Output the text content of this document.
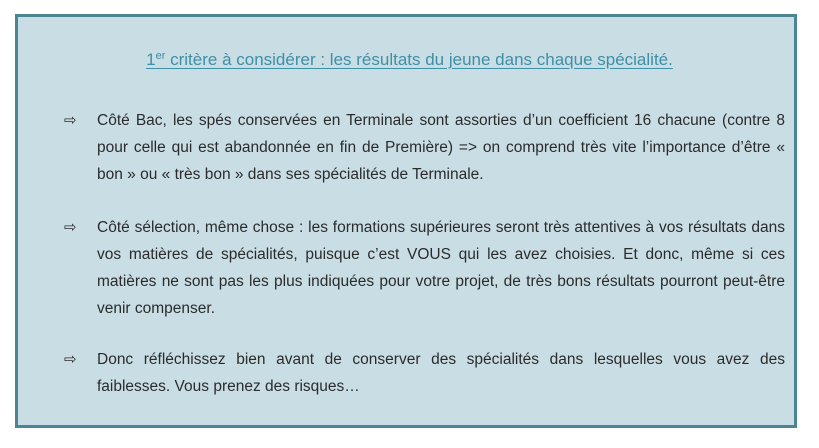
1er critère à considérer : les résultats du jeune dans chaque spécialité.
⇨	Côté Bac, les spés conservées en Terminale sont assorties d’un coefficient 16 chacune (contre 8 pour celle qui est abandonnée en fin de Première) => on comprend très vite l’importance d’être « bon » ou « très bon » dans ses spécialités de Terminale.
⇨	Côté sélection, même chose : les formations supérieures seront très attentives à vos résultats dans vos matières de spécialités, puisque c’est VOUS qui les avez choisies. Et donc, même si ces matières ne sont pas les plus indiquées pour votre projet, de très bons résultats pourront peut-être venir compenser.
⇨	Donc réfléchissez bien avant de conserver des spécialités dans lesquelles vous avez des faiblesses. Vous prenez des risques…
